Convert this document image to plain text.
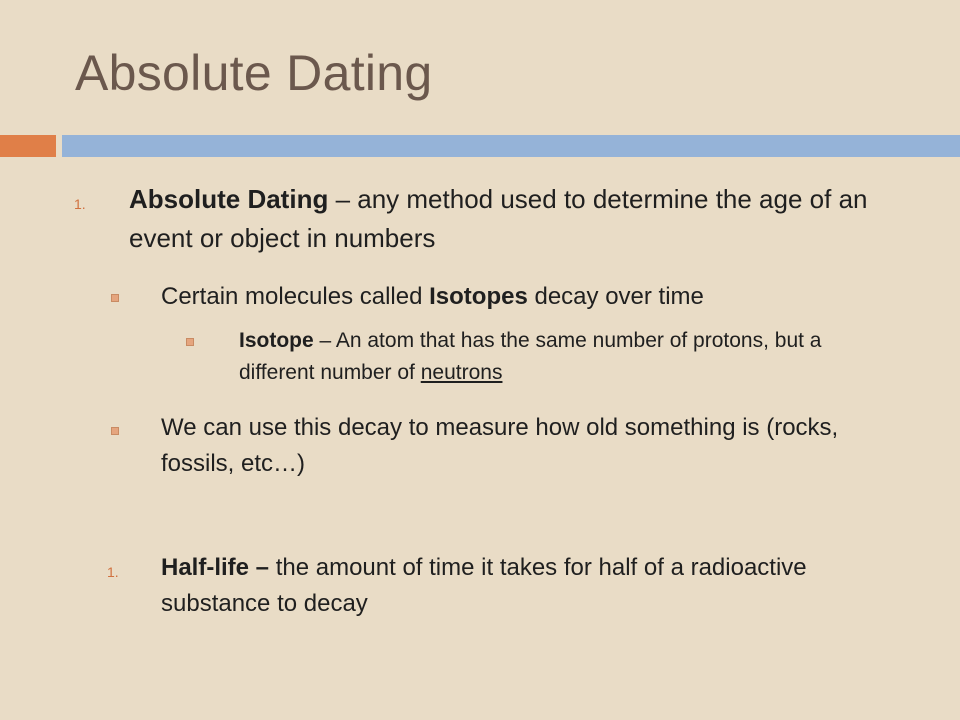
Absolute Dating
1. Absolute Dating – any method used to determine the age of an event or object in numbers
Certain molecules called Isotopes decay over time
Isotope – An atom that has the same number of protons, but a different number of neutrons
We can use this decay to measure how old something is (rocks, fossils, etc…)
1. Half-life – the amount of time it takes for half of a radioactive substance to decay
